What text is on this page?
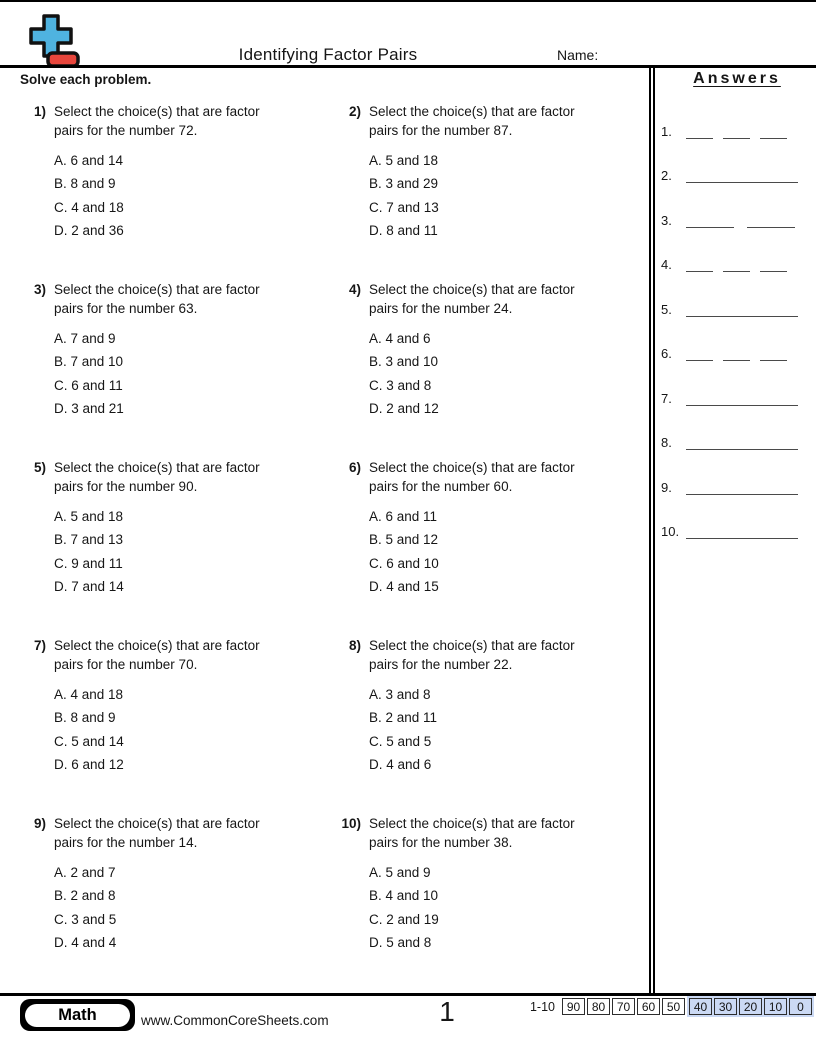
Identifying Factor Pairs	Name:
Solve each problem.
1) Select the choice(s) that are factor
pairs for the number 72.
A. 6 and 14
B. 8 and 9
C. 4 and 18
D. 2 and 36
2) Select the choice(s) that are factor
pairs for the number 87.
A. 5 and 18
B. 3 and 29
C. 7 and 13
D. 8 and 11
3) Select the choice(s) that are factor
pairs for the number 63.
A. 7 and 9
B. 7 and 10
C. 6 and 11
D. 3 and 21
4) Select the choice(s) that are factor
pairs for the number 24.
A. 4 and 6
B. 3 and 10
C. 3 and 8
D. 2 and 12
5) Select the choice(s) that are factor
pairs for the number 90.
A. 5 and 18
B. 7 and 13
C. 9 and 11
D. 7 and 14
6) Select the choice(s) that are factor
pairs for the number 60.
A. 6 and 11
B. 5 and 12
C. 6 and 10
D. 4 and 15
7) Select the choice(s) that are factor
pairs for the number 70.
A. 4 and 18
B. 8 and 9
C. 5 and 14
D. 6 and 12
8) Select the choice(s) that are factor
pairs for the number 22.
A. 3 and 8
B. 2 and 11
C. 5 and 5
D. 4 and 6
9) Select the choice(s) that are factor
pairs for the number 14.
A. 2 and 7
B. 2 and 8
C. 3 and 5
D. 4 and 4
10) Select the choice(s) that are factor
pairs for the number 38.
A. 5 and 9
B. 4 and 10
C. 2 and 19
D. 5 and 8
Answers
1.
2.
3.
4.
5.
6.
7.
8.
9.
10.
Math	www.CommonCoreSheets.com	1	1-10 90 80 70 60 50	40 30 20 10	0
